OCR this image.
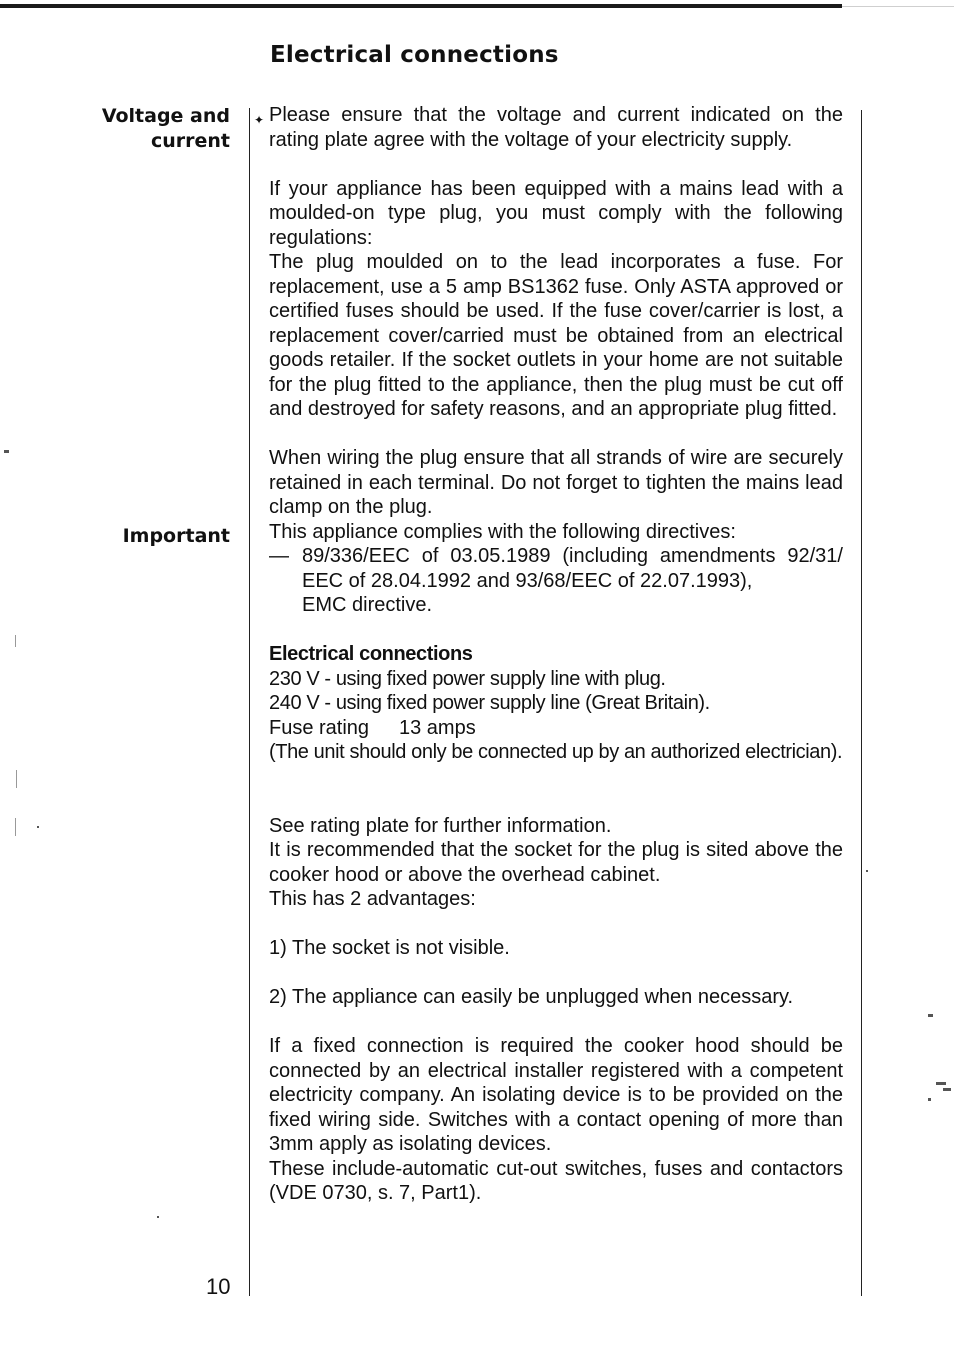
Electrical connections
Voltage and
current
Important
✦ Please ensure that the voltage and current indicated on the rating plate agree with the voltage of your electricity supply.

If your appliance has been equipped with a mains lead with a moulded-on type plug, you must comply with the following regulations:

The plug moulded on to the lead incorporates a fuse. For replacement, use a 5 amp BS1362 fuse. Only ASTA approved or certified fuses should be used. If the fuse cover/carrier is lost, a replacement cover/carried must be obtained from an electrical goods retailer. If the socket outlets in your home are not suitable for the plug fitted to the appliance, then the plug must be cut off and destroyed for safety reasons, and an appropriate plug fitted.

When wiring the plug ensure that all strands of wire are securely retained in each terminal. Do not forget to tighten the mains lead clamp on the plug.

This appliance complies with the following directives:

— 89/336/EEC of 03.05.1989 (including amendments 92/31/ EEC of 28.04.1992 and 93/68/EEC of 22.07.1993),

EMC directive.

Electrical connections

230 V - using fixed power supply line with plug.

240 V - using fixed power supply line (Great Britain).

Fuse rating 13 amps

(The unit should only be connected up by an authorized electrician).

See rating plate for further information.

It is recommended that the socket for the plug is sited above the cooker hood or above the overhead cabinet.

This has 2 advantages:

1) The socket is not visible.

2) The appliance can easily be unplugged when necessary.

If a fixed connection is required the cooker hood should be connected by an electrical installer registered with a competent electricity company. An isolating device is to be provided on the fixed wiring side. Switches with a contact opening of more than 3mm apply as isolating devices.

These include-automatic cut-out switches, fuses and contactors (VDE 0730, s. 7, Part1).

10
